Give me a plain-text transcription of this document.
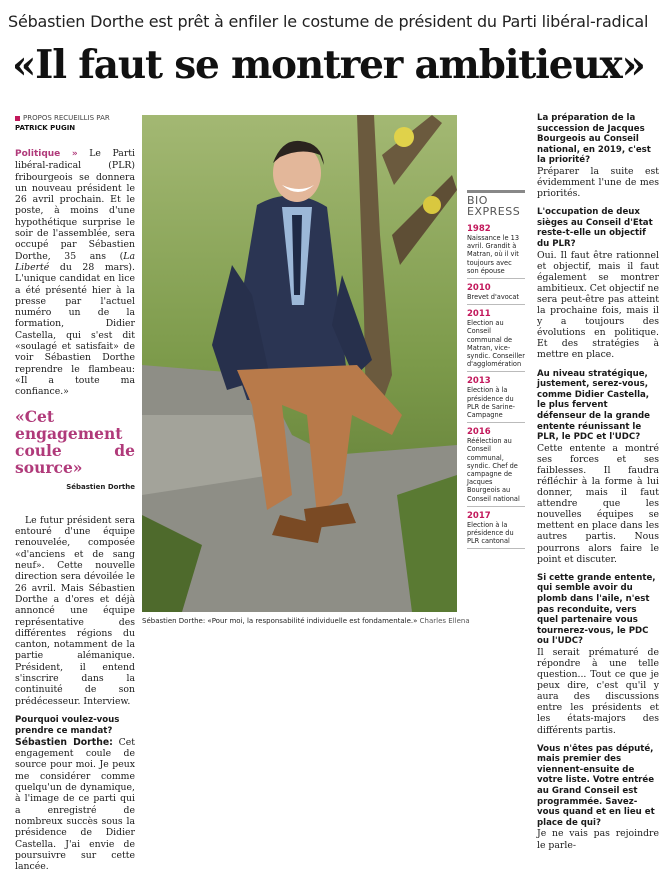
Sébastien Dorthe est prêt à enfiler le costume de président du Parti libéral-radical
«Il faut se montrer ambitieux»
PROPOS RECUEILLIS PAR
PATRICK PUGIN

Politique » Le Parti libéral-radical (PLR) fribourgeois se donnera un nouveau président le 26 avril prochain. Et le poste, à moins d'une hypothétique surprise le soir de l'assemblée, sera occupé par Sébastien Dorthe, 35 ans (La Liberté du 28 mars). L'unique candidat en lice a été présenté hier à la presse par l'actuel numéro un de la formation, Didier Castella, qui s'est dit «soulagé et satisfait» de voir Sébastien Dorthe reprendre le flambeau: «Il a toute ma confiance.»

«Cet engagement coule de source»
Sébastien Dorthe

Le futur président sera entouré d'une équipe renouvelée, composée «d'anciens et de sang neuf». Cette nouvelle direction sera dévoilée le 26 avril. Mais Sébastien Dorthe a d'ores et déjà annoncé une équipe représentative des différentes régions du canton, notamment de la partie alémanique. Président, il entend s'inscrire dans la continuité de son prédécesseur. Interview.

Pourquoi voulez-vous prendre ce mandat?

Sébastien Dorthe: Cet engagement coule de source pour moi. Je peux me considérer comme quelqu'un de dynamique, à l'image de ce parti qui a enregistré de nombreux succès sous la présidence de Didier Castella. J'ai envie de poursuivre sur cette lancée.

Sébastien Dorthe: «Pour moi, la responsabilité individuelle est fondamentale.» Charles Ellena
BIO
EXPRESS
1982
Naissance le 13 avril. Grandit à Matran, où il vit toujours avec son épouse
2010
Brevet d'avocat
2011
Election au Conseil communal de Matran, vice-syndic. Conseiller d'agglomération
2013
Election à la présidence du PLR de Sarine-Campagne
2016
Réélection au Conseil communal, syndic. Chef de campagne de Jacques Bourgeois au Conseil national
2017
Election à la présidence du PLR cantonal
La préparation de la succession de Jacques Bourgeois au Conseil national, en 2019, c'est la priorité?

Préparer la suite est évidemment l'une de mes priorités.

L'occupation de deux sièges au Conseil d'Etat reste-t-elle un objectif du PLR?

Oui. Il faut être rationnel et objectif, mais il faut également se montrer ambitieux. Cet objectif ne sera peut-être pas atteint la prochaine fois, mais il y a toujours des évolutions en politique. Et des stratégies à mettre en place.

Au niveau stratégique, justement, serez-vous, comme Didier Castella, le plus fervent défenseur de la grande entente réunissant le PLR, le PDC et l'UDC?

Cette entente a montré ses forces et ses faiblesses. Il faudra réfléchir à la forme à lui donner, mais il faut attendre que les nouvelles équipes se mettent en place dans les autres partis. Nous pourrons alors faire le point et discuter.

Si cette grande entente, qui semble avoir du plomb dans l'aile, n'est pas reconduite, vers quel partenaire vous tournerez-vous, le PDC ou l'UDC?

Il serait prématuré de répondre à une telle question... Tout ce que je peux dire, c'est qu'il y aura des discussions entre les présidents et les états-majors des différents partis.

Vous n'êtes pas député, mais premier des viennent-ensuite de votre liste. Votre entrée au Grand Conseil est programmée. Savez-vous quand et en lieu et place de qui?

Je ne vais pas rejoindre le parle-
